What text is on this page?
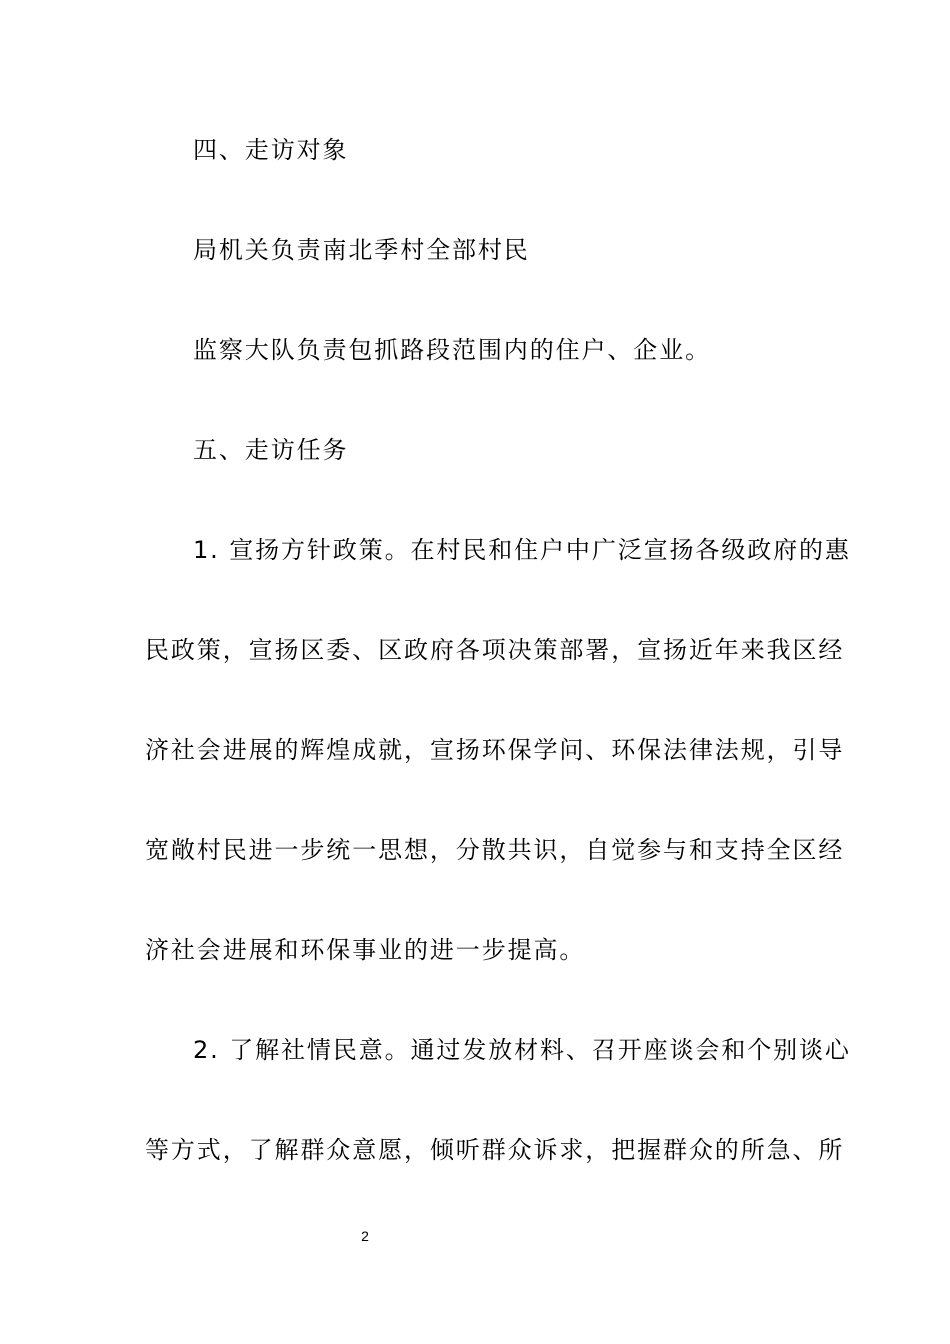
四、走访对象
局机关负责南北季村全部村民
监察大队负责包抓路段范围内的住户、企业。
五、走访任务
1. 宣扬方针政策。在村民和住户中广泛宣扬各级政府的惠
民政策，宣扬区委、区政府各项决策部署，宣扬近年来我区经
济社会进展的辉煌成就，宣扬环保学问、环保法律法规，引导
宽敞村民进一步统一思想，分散共识，自觉参与和支持全区经
济社会进展和环保事业的进一步提高。
2. 了解社情民意。通过发放材料、召开座谈会和个别谈心
等方式，了解群众意愿，倾听群众诉求，把握群众的所急、所
2
